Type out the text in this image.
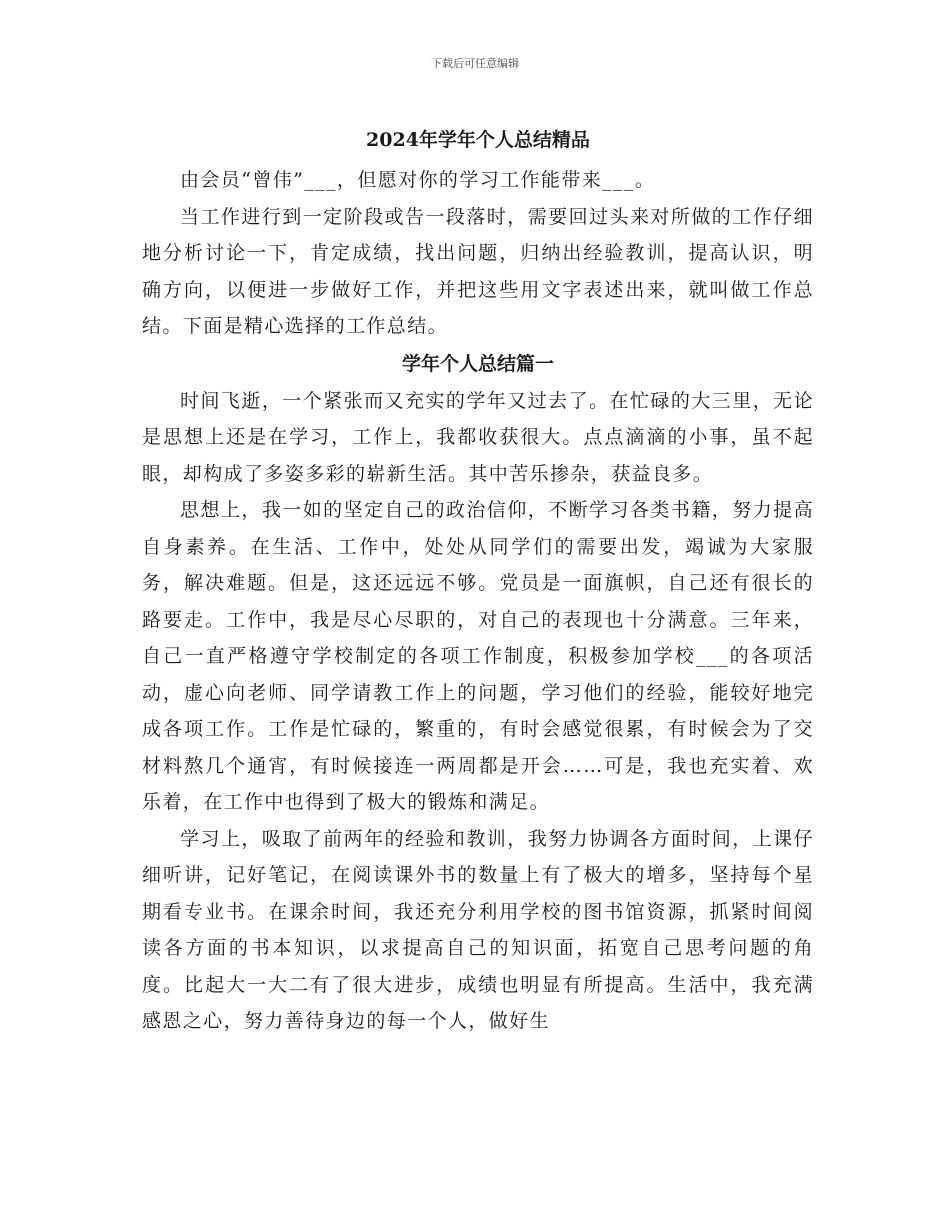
下载后可任意编辑
2024年学年个人总结精品

由会员“曾伟”___，但愿对你的学习工作能带来___。

当工作进行到一定阶段或告一段落时，需要回过头来对所做的工作仔细地分析讨论一下，肯定成绩，找出问题，归纳出经验教训，提高认识，明确方向，以便进一步做好工作，并把这些用文字表述出来，就叫做工作总结。下面是精心选择的工作总结。

学年个人总结篇一

时间飞逝，一个紧张而又充实的学年又过去了。在忙碌的大三里，无论是思想上还是在学习，工作上，我都收获很大。点点滴滴的小事，虽不起眼，却构成了多姿多彩的崭新生活。其中苦乐掺杂，获益良多。

思想上，我一如的坚定自己的政治信仰，不断学习各类书籍，努力提高自身素养。在生活、工作中，处处从同学们的需要出发，竭诚为大家服务，解决难题。但是，这还远远不够。党员是一面旗帜，自己还有很长的路要走。工作中，我是尽心尽职的，对自己的表现也十分满意。三年来，自己一直严格遵守学校制定的各项工作制度，积极参加学校___的各项活动，虚心向老师、同学请教工作上的问题，学习他们的经验，能较好地完成各项工作。工作是忙碌的，繁重的，有时会感觉很累，有时候会为了交材料熬几个通宵，有时候接连一两周都是开会……可是，我也充实着、欢乐着，在工作中也得到了极大的锻炼和满足。

学习上，吸取了前两年的经验和教训，我努力协调各方面时间，上课仔细听讲，记好笔记，在阅读课外书的数量上有了极大的增多，坚持每个星期看专业书。在课余时间，我还充分利用学校的图书馆资源，抓紧时间阅读各方面的书本知识，以求提高自己的知识面，拓宽自己思考问题的角度。比起大一大二有了很大进步，成绩也明显有所提高。生活中，我充满感恩之心，努力善待身边的每一个人，做好生
